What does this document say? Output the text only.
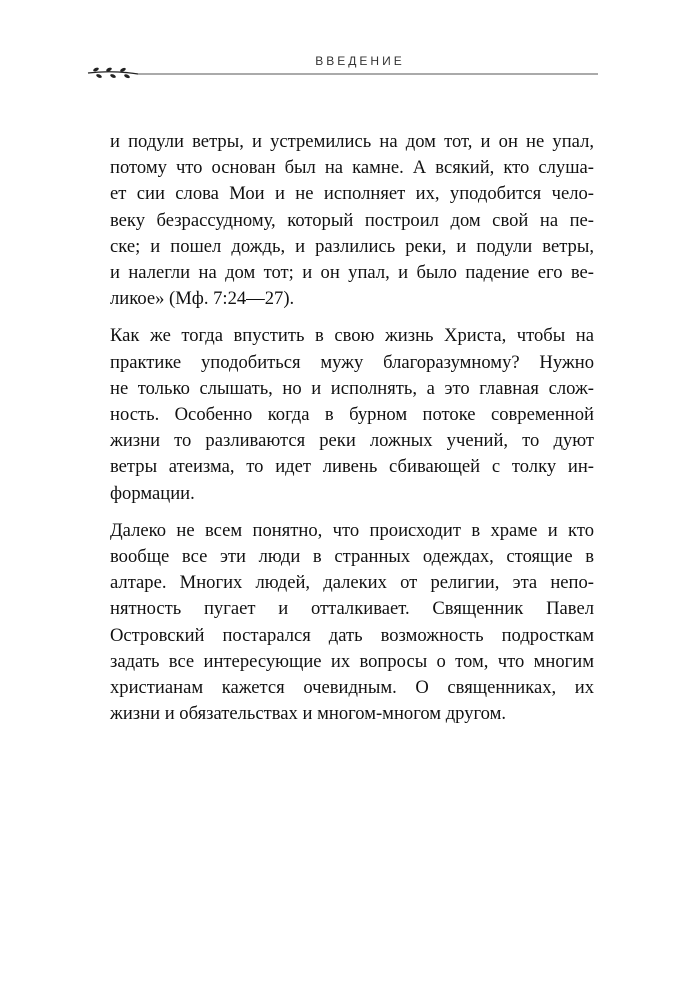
ВВЕДЕНИЕ

и подули ветры, и устремились на дом тот, и он не упал,
потому что основан был на камне. А всякий, кто слуша-
ет сии слова Мои и не исполняет их, уподобится чело-
веку безрассудному, который построил дом свой на пе-
ске; и пошел дождь, и разлились реки, и подули ветры,
и налегли на дом тот; и он упал, и было падение его ве-
ликое» (Мф. 7:24—27).

Как же тогда впустить в свою жизнь Христа, чтобы на
практике уподобиться мужу благоразумному? Нужно
не только слышать, но и исполнять, а это главная слож-
ность. Особенно когда в бурном потоке современной
жизни то разливаются реки ложных учений, то дуют
ветры атеизма, то идет ливень сбивающей с толку ин-
формации.

Далеко не всем понятно, что происходит в храме и кто
вообще все эти люди в странных одеждах, стоящие в
алтаре. Многих людей, далеких от религии, эта непо-
нятность пугает и отталкивает. Священник Павел
Островский постарался дать возможность подросткам
задать все интересующие их вопросы о том, что многим
христианам кажется очевидным. О священниках, их
жизни и обязательствах и многом-многом другом.
